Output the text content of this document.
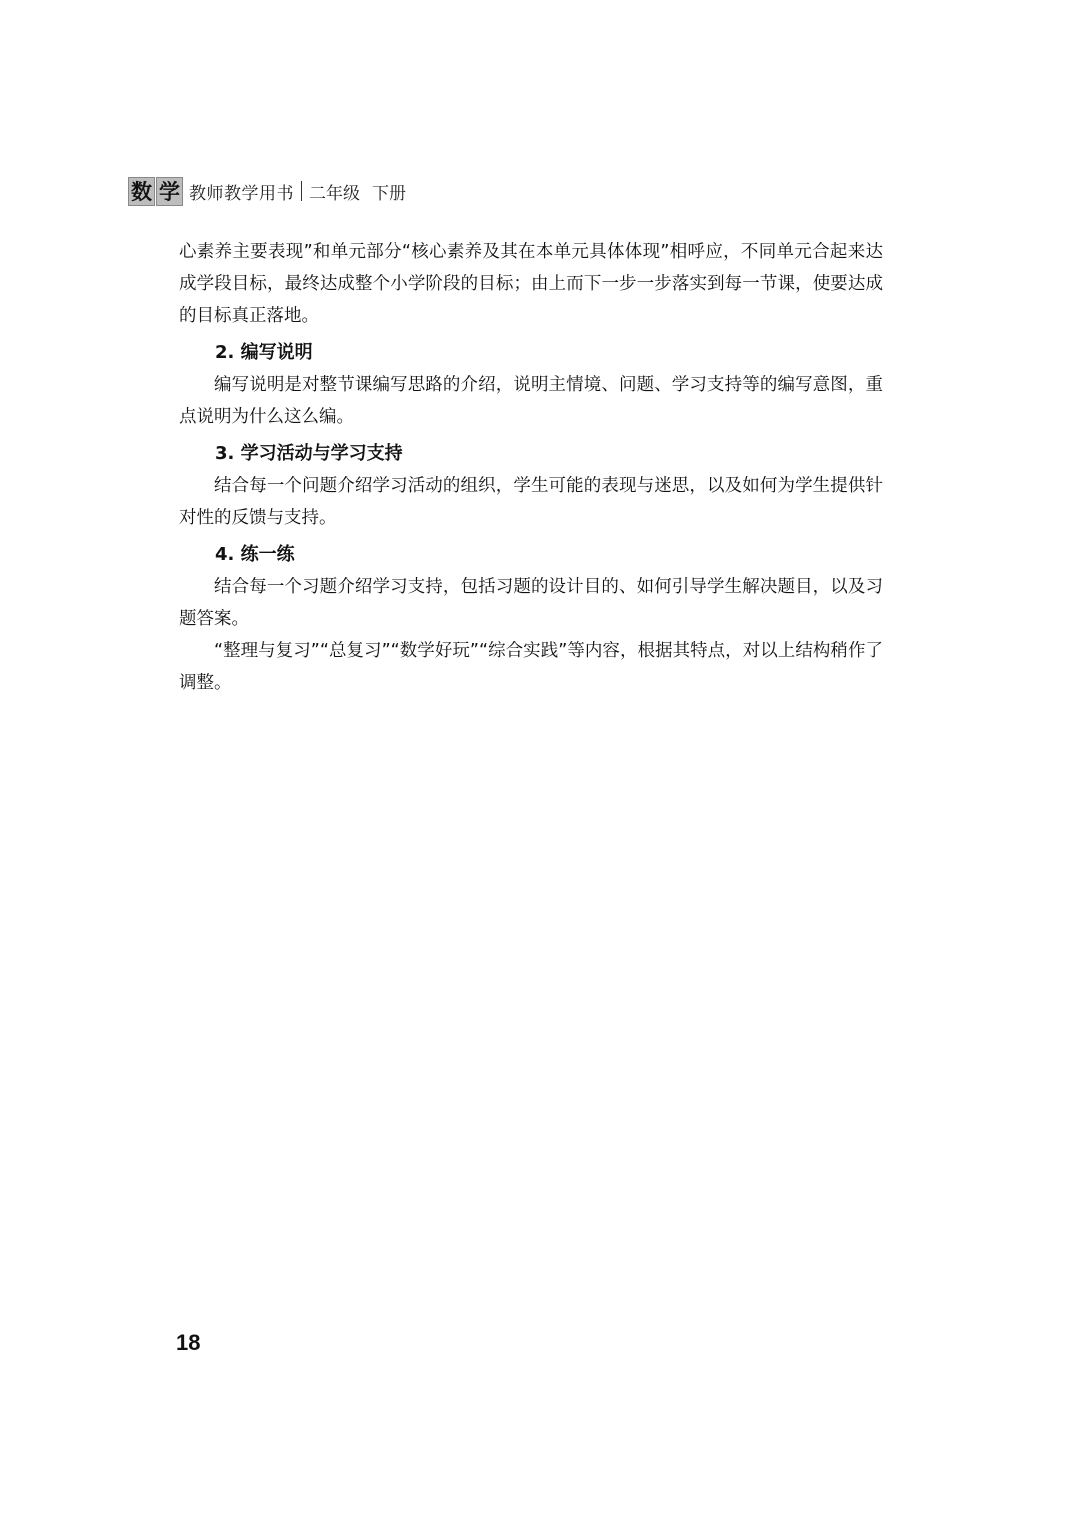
数 学 教师教学用书 二年级 下册

心素养主要表现”和单元部分“核心素养及其在本单元具体体现”相呼应，不同单元合起来达成学段目标，最终达成整个小学阶段的目标；由上而下一步一步落实到每一节课，使要达成的目标真正落地。

2. 编写说明

编写说明是对整节课编写思路的介绍，说明主情境、问题、学习支持等的编写意图，重点说明为什么这么编。

3. 学习活动与学习支持

结合每一个问题介绍学习活动的组织，学生可能的表现与迷思，以及如何为学生提供针对性的反馈与支持。

4. 练一练

结合每一个习题介绍学习支持，包括习题的设计目的、如何引导学生解决题目，以及习题答案。

“整理与复习”“总复习”“数学好玩”“综合实践”等内容，根据其特点，对以上结构稍作了调整。

18
